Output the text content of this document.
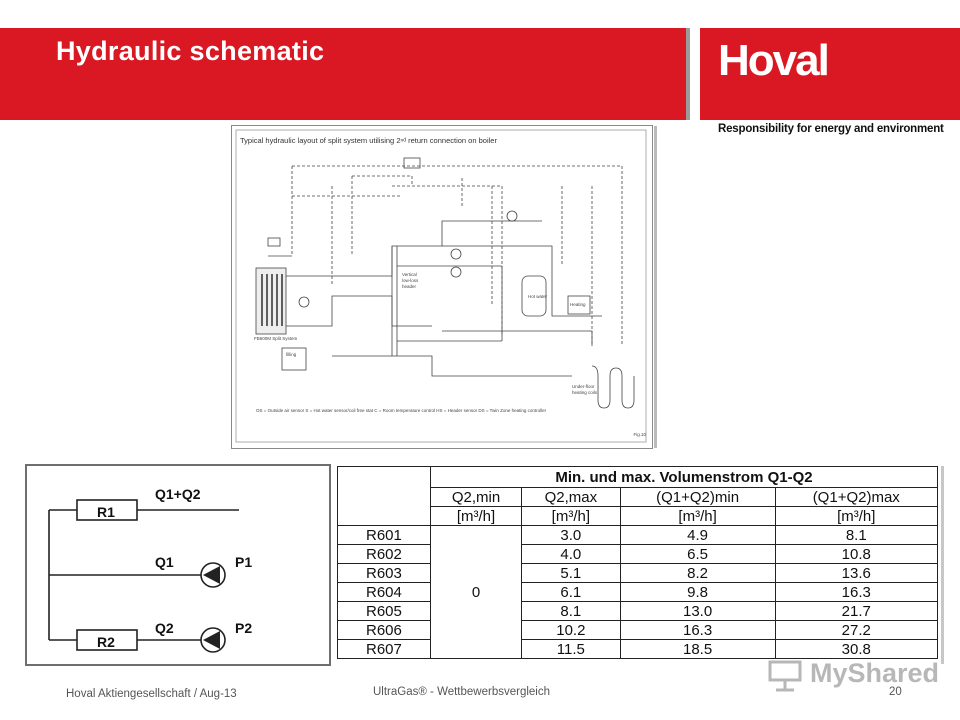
Hydraulic schematic	Hoval
Responsibility for energy and environment
Typical hydraulic layout of split system utilising 2ⁿᵈ return connection on boiler
Vertical
low-loss
header
Hot water
Heating
FB600M Split System
filling
Under-floor
heating coils
OS = Outside air sensor S = Hot water sensor/coil free stat C = Room temperature control HS = Header sensor DS = Twin Zone heating controller
Fig.10
R1
Q1+Q2
Q1	P1
Q2	P2
R2
	Min. und max. Volumenstrom Q1-Q2			
	Q2,min	Q2,max	(Q1+Q2)min	(Q1+Q2)max
	[m³/h]	[m³/h]	[m³/h]	[m³/h]
R601	0	3.0	4.9	8.1
R602		4.0	6.5	10.8
R603		5.1	8.2	13.6
R604		6.1	9.8	16.3
R605		8.1	13.0	21.7
R606		10.2	16.3	27.2
R607		11.5	18.5	30.8
MyShared
Hoval Aktiengesellschaft / Aug-13	UltraGas® - Wettbewerbsvergleich	20
